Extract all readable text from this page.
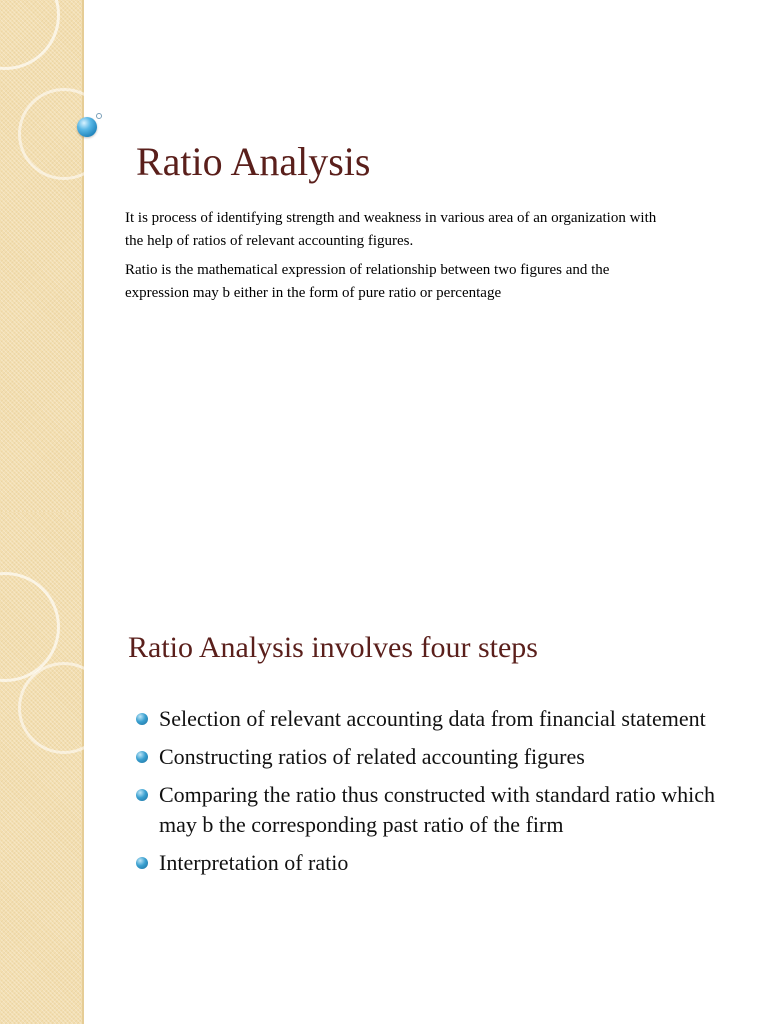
Ratio Analysis

It is process of identifying strength and weakness in various area of an organization with the help of ratios of relevant accounting figures.

Ratio is the mathematical expression of relationship between two figures and the expression may b either in the form of pure ratio or percentage

Ratio Analysis involves four steps
Selection of relevant accounting data from financial statement
Constructing ratios of related accounting figures
Comparing the ratio thus constructed with standard ratio which may b the corresponding past ratio of the firm
Interpretation of ratio
